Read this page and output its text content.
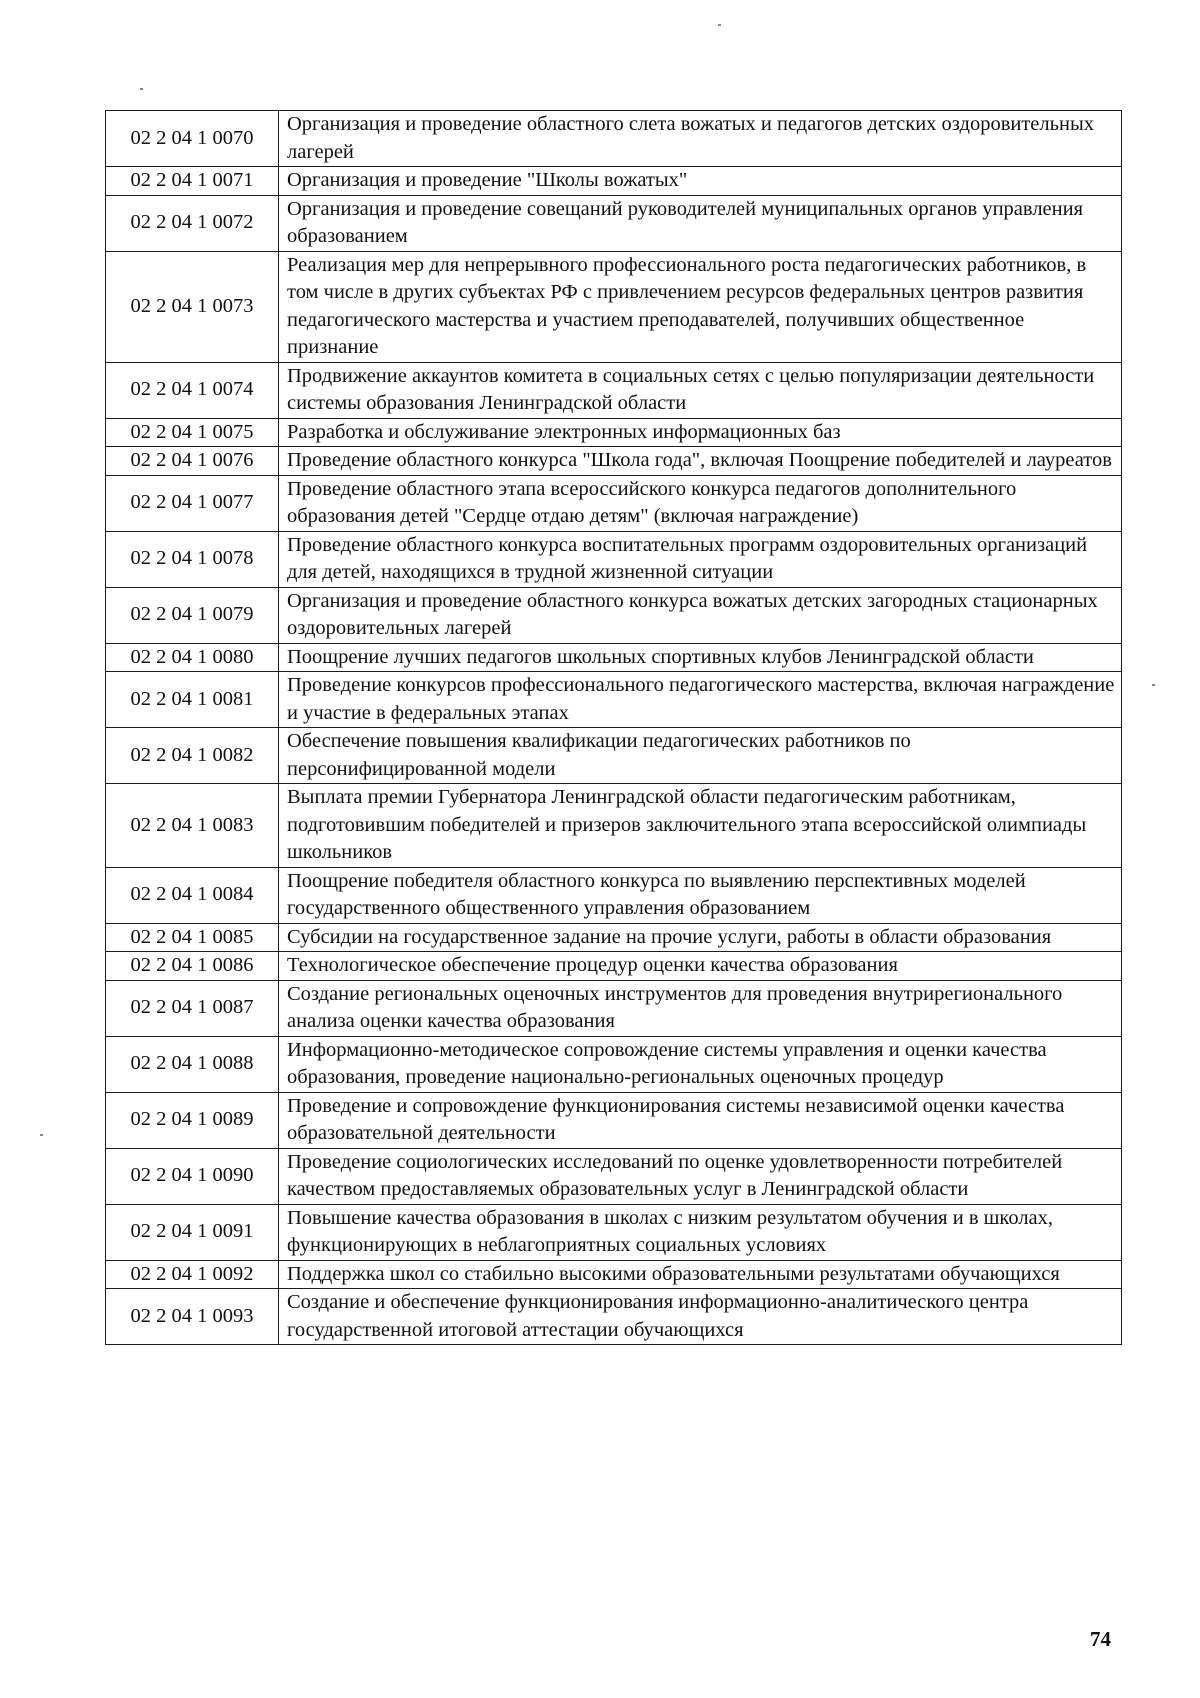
02 2 04 1 0070	Организация и проведение областного слета вожатых и педагогов детских оздоровительных лагерей
02 2 04 1 0071	Организация и проведение "Школы вожатых"
02 2 04 1 0072	Организация и проведение совещаний руководителей муниципальных органов управления образованием
02 2 04 1 0073	Реализация мер для непрерывного профессионального роста педагогических работников, в том числе в других субъектах РФ с привлечением ресурсов федеральных центров развития педагогического мастерства и участием преподавателей, получивших общественное признание
02 2 04 1 0074	Продвижение аккаунтов комитета в социальных сетях с целью популяризации деятельности системы образования Ленинградской области
02 2 04 1 0075	Разработка и обслуживание электронных информационных баз
02 2 04 1 0076	Проведение областного конкурса "Школа года", включая Поощрение победителей и лауреатов
02 2 04 1 0077	Проведение областного этапа всероссийского конкурса педагогов дополнительного образования детей "Сердце отдаю детям" (включая награждение)
02 2 04 1 0078	Проведение областного конкурса воспитательных программ оздоровительных организаций для детей, находящихся в трудной жизненной ситуации
02 2 04 1 0079	Организация и проведение областного конкурса вожатых детских загородных стационарных оздоровительных лагерей
02 2 04 1 0080	Поощрение лучших педагогов школьных спортивных клубов Ленинградской области
02 2 04 1 0081	Проведение конкурсов профессионального педагогического мастерства, включая награждение и участие в федеральных этапах
02 2 04 1 0082	Обеспечение повышения квалификации педагогических работников по персонифицированной модели
02 2 04 1 0083	Выплата премии Губернатора Ленинградской области педагогическим работникам, подготовившим победителей и призеров заключительного этапа всероссийской олимпиады школьников
02 2 04 1 0084	Поощрение победителя областного конкурса по выявлению перспективных моделей государственного общественного управления образованием
02 2 04 1 0085	Субсидии на государственное задание на прочие услуги, работы в области образования
02 2 04 1 0086	Технологическое обеспечение процедур оценки качества образования
02 2 04 1 0087	Создание региональных оценочных инструментов для проведения внутрирегионального анализа оценки качества образования
02 2 04 1 0088	Информационно-методическое сопровождение системы управления и оценки качества образования, проведение национально-региональных оценочных процедур
02 2 04 1 0089	Проведение и сопровождение функционирования системы независимой оценки качества образовательной деятельности
02 2 04 1 0090	Проведение социологических исследований по оценке удовлетворенности потребителей качеством предоставляемых образовательных услуг в Ленинградской области
02 2 04 1 0091	Повышение качества образования в школах с низким результатом обучения и в школах, функционирующих в неблагоприятных социальных условиях
02 2 04 1 0092	Поддержка школ со стабильно высокими образовательными результатами обучающихся
02 2 04 1 0093	Создание и обеспечение функционирования информационно-аналитического центра государственной итоговой аттестации обучающихся
74
